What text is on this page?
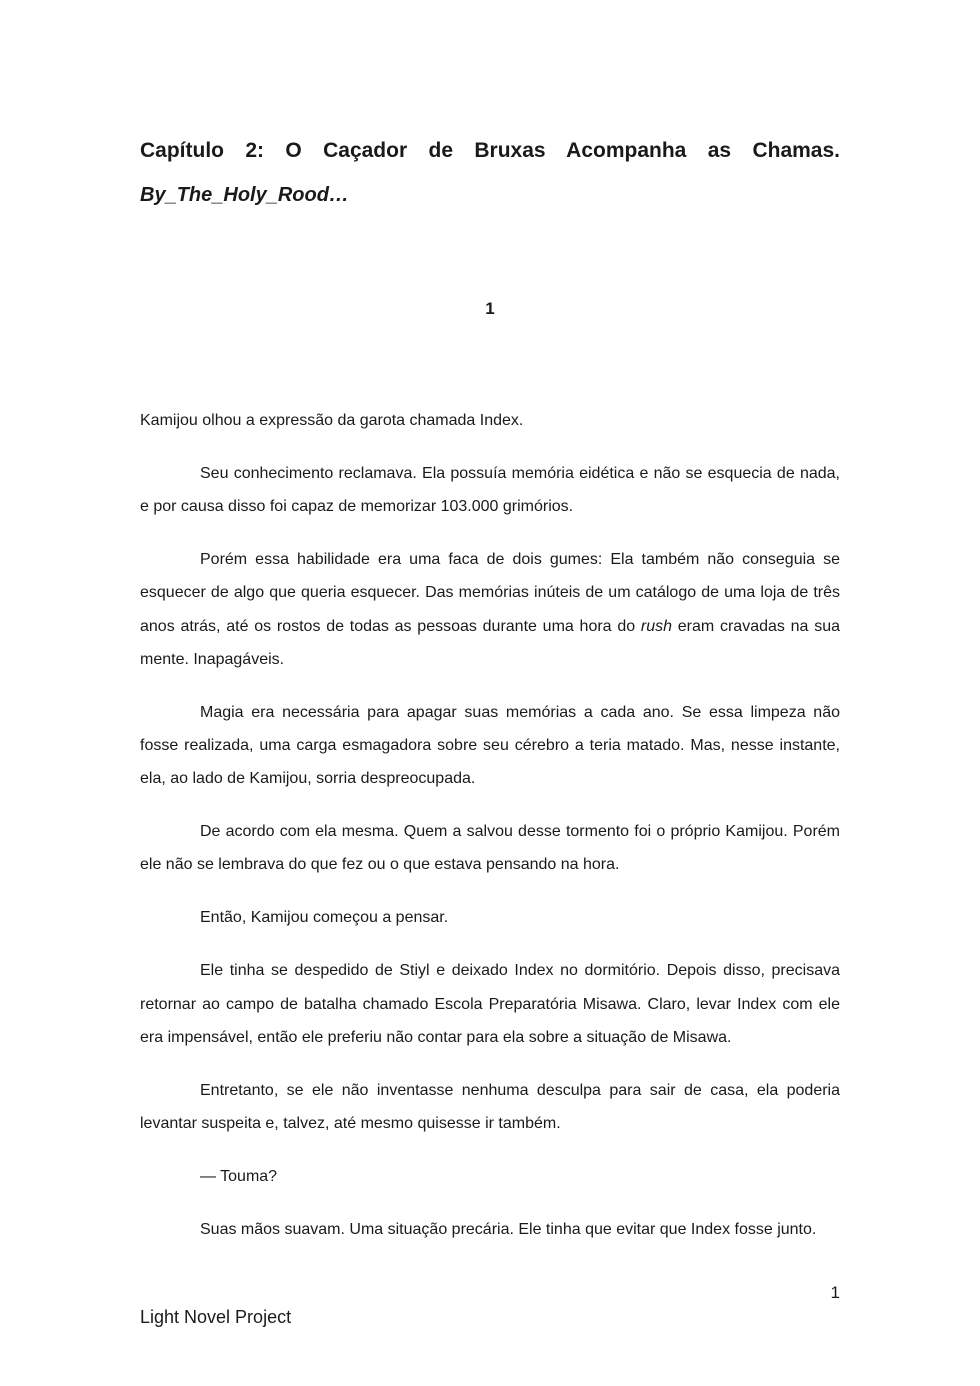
Capítulo 2: O Caçador de Bruxas Acompanha as Chamas.
By_The_Holy_Rood…
1

Kamijou olhou a expressão da garota chamada Index.

Seu conhecimento reclamava. Ela possuía memória eidética e não se esquecia de nada, e por causa disso foi capaz de memorizar 103.000 grimórios.

Porém essa habilidade era uma faca de dois gumes: Ela também não conseguia se esquecer de algo que queria esquecer. Das memórias inúteis de um catálogo de uma loja de três anos atrás, até os rostos de todas as pessoas durante uma hora do rush eram cravadas na sua mente. Inapagáveis.

Magia era necessária para apagar suas memórias a cada ano. Se essa limpeza não fosse realizada, uma carga esmagadora sobre seu cérebro a teria matado. Mas, nesse instante, ela, ao lado de Kamijou, sorria despreocupada.

De acordo com ela mesma. Quem a salvou desse tormento foi o próprio Kamijou. Porém ele não se lembrava do que fez ou o que estava pensando na hora.

Então, Kamijou começou a pensar.

Ele tinha se despedido de Stiyl e deixado Index no dormitório. Depois disso, precisava retornar ao campo de batalha chamado Escola Preparatória Misawa. Claro, levar Index com ele era impensável, então ele preferiu não contar para ela sobre a situação de Misawa.

Entretanto, se ele não inventasse nenhuma desculpa para sair de casa, ela poderia levantar suspeita e, talvez, até mesmo quisesse ir também.

— Touma?

Suas mãos suavam. Uma situação precária. Ele tinha que evitar que Index fosse junto.

1
Light Novel Project
